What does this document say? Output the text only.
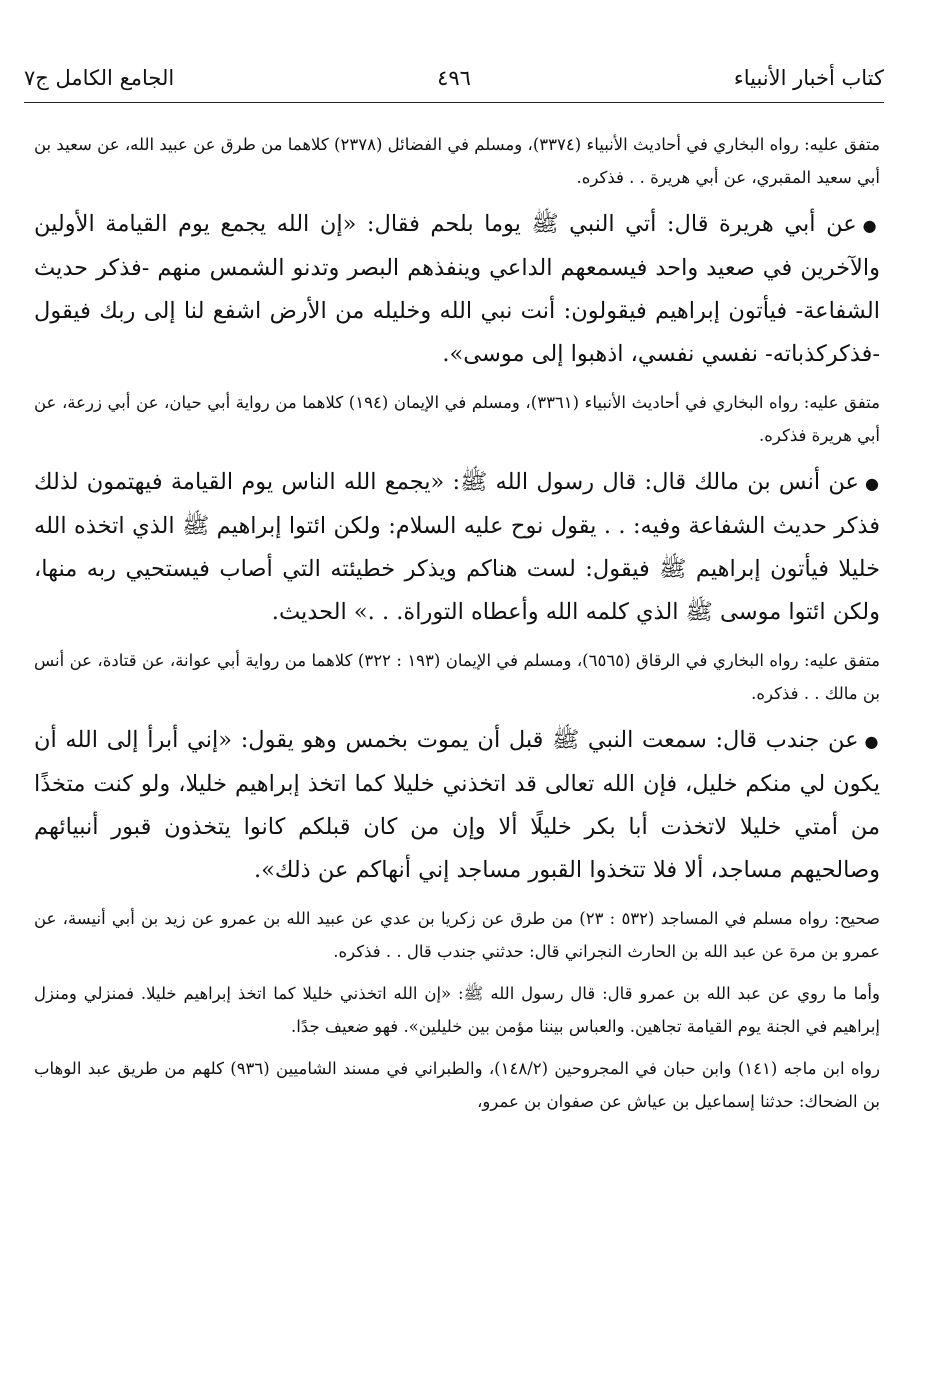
كتاب أخبار الأنبياء
٤٩٦
الجامع الكامل ج٧

متفق عليه: رواه البخاري في أحاديث الأنبياء (٣٣٧٤)، ومسلم في الفضائل (٢٣٧٨) كلاهما من طرق عن عبيد الله، عن سعيد بن أبي سعيد المقبري، عن أبي هريرة . . فذكره.

●عن أبي هريرة قال: أتي النبي ﷺ يوما بلحم فقال: «إن الله يجمع يوم القيامة الأولين والآخرين في صعيد واحد فيسمعهم الداعي وينفذهم البصر وتدنو الشمس منهم -فذكر حديث الشفاعة- فيأتون إبراهيم فيقولون: أنت نبي الله وخليله من الأرض اشفع لنا إلى ربك فيقول -فذكركذباته- نفسي نفسي، اذهبوا إلى موسى».

متفق عليه: رواه البخاري في أحاديث الأنبياء (٣٣٦١)، ومسلم في الإيمان (١٩٤) كلاهما من رواية أبي حيان، عن أبي زرعة، عن أبي هريرة فذكره.

●عن أنس بن مالك قال: قال رسول الله ﷺ: «يجمع الله الناس يوم القيامة فيهتمون لذلك فذكر حديث الشفاعة وفيه: . . يقول نوح عليه السلام: ولكن ائتوا إبراهيم ﷺ الذي اتخذه الله خليلا فيأتون إبراهيم ﷺ فيقول: لست هناكم ويذكر خطيئته التي أصاب فيستحيي ربه منها، ولكن ائتوا موسى ﷺ الذي كلمه الله وأعطاه التوراة. . .» الحديث.

متفق عليه: رواه البخاري في الرقاق (٦٥٦٥)، ومسلم في الإيمان (١٩٣ : ٣٢٢) كلاهما من رواية أبي عوانة، عن قتادة، عن أنس بن مالك . . فذكره.

●عن جندب قال: سمعت النبي ﷺ قبل أن يموت بخمس وهو يقول: «إني أبرأ إلى الله أن يكون لي منكم خليل، فإن الله تعالى قد اتخذني خليلا كما اتخذ إبراهيم خليلا، ولو كنت متخذًا من أمتي خليلا لاتخذت أبا بكر خليلًا ألا وإن من كان قبلكم كانوا يتخذون قبور أنبيائهم وصالحيهم مساجد، ألا فلا تتخذوا القبور مساجد إني أنهاكم عن ذلك».

صحيح: رواه مسلم في المساجد (٥٣٢ : ٢٣) من طرق عن زكريا بن عدي عن عبيد الله بن عمرو عن زيد بن أبي أنيسة، عن عمرو بن مرة عن عبد الله بن الحارث النجراني قال: حدثني جندب قال . . فذكره.

وأما ما روي عن عبد الله بن عمرو قال: قال رسول الله ﷺ: «إن الله اتخذني خليلا كما اتخذ إبراهيم خليلا. فمنزلي ومنزل إبراهيم في الجنة يوم القيامة تجاهين. والعباس بيننا مؤمن بين خليلين». فهو ضعيف جدًا.

رواه ابن ماجه (١٤١) وابن حبان في المجروحين (١٤٨/٢)، والطبراني في مسند الشاميين (٩٣٦) كلهم من طريق عبد الوهاب بن الضحاك: حدثنا إسماعيل بن عياش عن صفوان بن عمرو،
